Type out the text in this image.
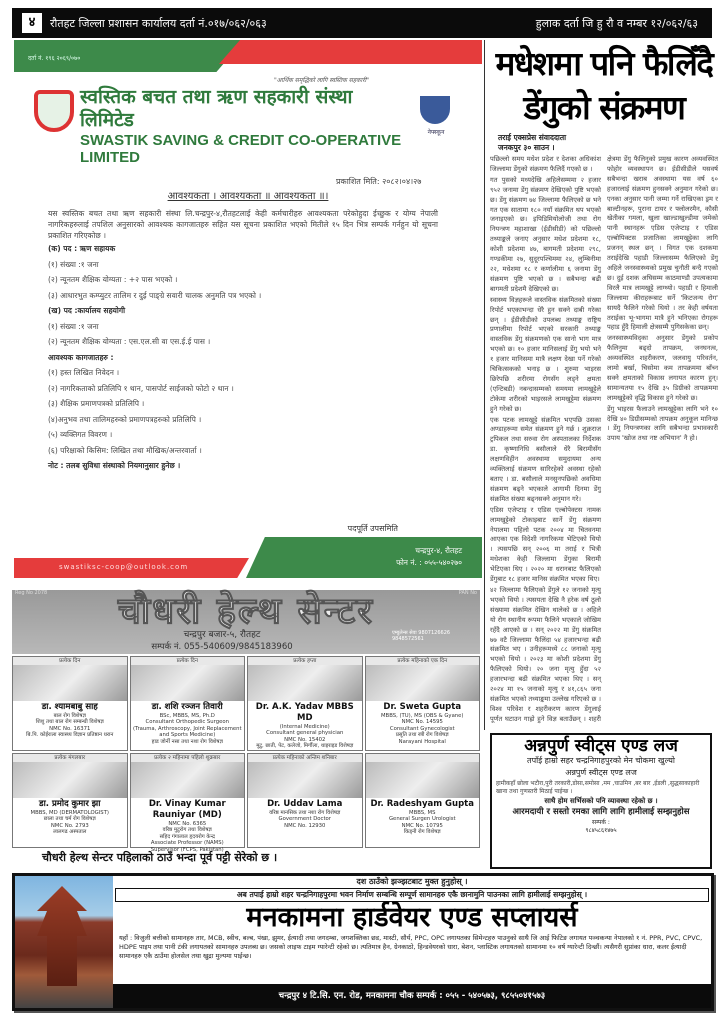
४	रौतहट जिल्ला प्रशासन कार्यालय दर्ता नं.०१७/०६२/०६३	हुलाक दर्ता जि हु रौ व नम्बर १२/०६२/६३
दर्ता नं. १९६ २०६९/०७०
"आर्थिक समृद्धिको लागि स्वस्तिक सहकारी"
स्वस्तिक बचत तथा ऋण सहकारी संस्था लिमिटेड
SWASTIK SAVING & CREDIT CO-OPERATIVE LIMITED
नेफ्स्कून
प्रकाशित मिति: २०८२।०४।२७
आवश्यकता । आवश्यकता ॥ आवश्यकता ॥।
यस स्वस्तिक बचत तथा ऋण सहकारी संस्था लि.चन्द्रपुर-४,रौतहटलाई केही कर्मचारीहरु आवश्यकता परेकोहुदा ईच्छुक र योग्य नेपाली नागरिकहरुलाई तपशिल अनुसारको आवश्यक कागजातहरु सहित यस सूचना प्रकाशित भएको मितीले १५ दिन भित्र सम्पर्क गर्नहुन यो सूचना प्रकाशित गरिएकोछ ।
(क) पद : ऋण सहायक
(१) संख्या :१ जना
(२) न्यूनतम शैक्षिक योग्यता : +२ पास भएको ।
(३) आधारभुत कम्प्युटर तालिम र दुई पाङ्ग्रे सवारी चालक अनुमति पत्र भएको ।
(ख) पद :कार्यालय सहयोगी
(१) संख्या :१ जना
(२) न्यूनतम शैक्षिक योग्यता : एस.एल.सी वा एस.ई.ई पास ।
आवश्यक कागजातहरु :
(१) हस्त लिखित निवेदन ।
(२) नागरिकताको प्रतिलिपि १ थान, पासपोर्ट साईजको फोटो २ थान ।
(३) शैक्षिक प्रमाणपत्रको प्रतिलिपि ।
(४)अनुभव तथा तालिमहरुको प्रमाणपत्रहरुको प्रतिलिपि ।
(५) व्यक्तिगत विवरण ।
(६) परिक्षाको किसिम: लिखित तथा मौखिक/अन्तरवार्ता ।
नोट : तलब सुविधा संस्थाको नियमानुसार हुनेछ ।
पदपूर्ति उपसमिति
swastiksc-coop@outlook.com
चन्द्रपुर-४, रौतहट
फोन नं. : ०५५-५४०२७०
Reg No 2078	PAN No
चौधरी हेल्थ सेन्टर
चन्द्रपुर बजार-५, रौतहट
सम्पर्क नं. 055-540609/9845183960
एम्बुलेन्स सेवा 9807126626 9848572561
प्रत्येक दिन
डा. श्यामबाबु साह
बाल रोग विशेषज्ञ
शिशु तथा बाल रोग सम्बन्धी विशेषज्ञ
NMC No. 16371
बि.पि. कोईराला स्वास्थ्य विज्ञान प्रतिष्ठान धरान
प्रत्येक दिन
डा. शशि रञ्जन तिवारी
BSc, MBBS, MS, Ph.D
Consultant Orthopedic Surgeon
(Trauma, Arthroscopy, Joint Replacement and Sports Medicine)
हाड जोर्नी नसा तथा नशा रोग विशेषज्ञ
प्रत्येक हप्ता
Dr. A.K. Yadav MBBS MD
(Internal Medicine)
Consultant general physician
NMC No. 15402
मुटु, छाती, पेट, कलेजो, मिर्गौला, थाइराइड विशेषज्ञ
प्रत्येक महिनाको एक दिन
Dr. Sweta Gupta
MBBS, (TU), MS (OBS & Gyane)
NMC No. 14595
Consultant Gynecologist
प्रसूति तथा स्त्री रोग विशेषज्ञ
Narayani Hospital
प्रत्येक मंगलबार
डा. प्रमोद कुमार झा
MBBS, MD (DERMATOLOGIST)
छाला तथा चर्म रोग विशेषज्ञ
NMC No. 2793
लालगढ अस्पताल
प्रत्येक २ महिनामा पहिलो शुक्रबार
Dr. Vinay Kumar Rauniyar (MD)
NMC No. 6365
वरिष्ठ मुटुरोग तथा विशेषज्ञ
सहिद गंगालाल हृदयरोग केन्द्र
Associate Professor (NAMS)
Supervisor (FCPS, Pakistan)
प्रत्येक महिनाको अन्तिम शनिबार
Dr. Uddav Lama
वरिष्ठ मानसिक तथा नशा रोग विशेषज्ञ
Government Doctor
NMC No. 12930
Dr. Radeshyam Gupta
MBBS, MS
General Surgen Urologist
NMC No. 10795
किड्नी रोग विशेषज्ञ
चौधरी हेल्थ सेन्टर पहिलाको ठाउँ भन्दा पूर्व पट्टी सेरेको छ ।
मधेशमा पनि फैलिँदै
डेंगुको संक्रमण
तराई एक्सप्रेस संवाददाता
जनकपुर ३० साउन ।

पछिल्लो समय मधेश प्रदेश र देशका अधिकांश जिल्लामा डेंगुको संक्रमण फैलिदैं गएको छ ।

गत पुसको मध्यदेखि अहिलेसम्ममा २ हजार ९५२ जनामा डेंगु संक्रमण देखिएको पुष्टि भएको छ। डेंगु संक्रमण ७४ जिल्लामा फैलिएको छ भने गत एक सातामा १८० नयाँ संक्रमित थप भएको जनाइएको छ। इपिडिमियोलोजी तथा रोग नियन्त्रण महाशाखा (ईडीसीडी) को पछिल्लो तथ्याङ्कले जनाए अनुसार मधेश प्रदेशमा १८, कोशी प्रदेशमा ४७, बागमती प्रदेशमा २९८, गण्डकीमा २७, सुदूरपश्चिममा २४, लुम्बिनीमा २२, मधेशमा १८ र कर्णालीमा ६ जनामा डेंगु संक्रमण पुष्टि भएको छ । सबैभन्दा बढी बागमती प्रदेशमै देखिएको छ।

स्वास्थ्य विज्ञहरूले वास्तविक संक्रमितको संख्या रिपोर्ट भएकाभन्दा धेरै हुन सक्ने दाबी गरेका छन् । ईडीसीडीको उपलब्ध तथ्याङ्क राष्ट्रिय प्रणालीमा रिपोर्ट भएको सरकारी तथ्याङ्क वास्तविक डेंगु संक्रमणको एक सानो भाग मात्र भएको छ। १० हजार मानिसलाई डेंगु भयो भने १ हजार मानिसमा मात्रै लक्षण देखा पर्ने गरेको चिकित्सकको भनाइ छ । शुरुमा भाइरस छिरेपछि शरीरमा रोगसँग लड्ने क्षमता (एन्टिबडी) नबन्दासम्मको समयमा लामखुट्टेले टोकेमा शरीरको भाइरसले लामखुट्टेमा संक्रमण हुने गरेको छ।

एक पटक लामखुट्टे संक्रमित भएपछि उसका अण्डाहरूमा समेत संक्रमण हुने गर्छ । शुक्रराज ट्रपिकल तथा सरुवा रोग अस्पतालका निर्देशक डा. कृष्णानिधि बसौलाले धेरै बिरामीसँग लक्षणविहीन अवस्थामा समुदायमा अन्य व्यक्तिलाई संक्रमण सारिरहेको अवस्था रहेको बताए । डा. बसौलाले मनसुनपछिको अवधिमा संक्रमण बढ्ने भएकाले आगामी दिनमा डेंगु संक्रमित संख्या बढ्नसक्ने अनुमान गरे।

एडिस एजेप्टाइ र एडिस एल्बोपेक्टस नामक लामखुट्टेको टोकाइबाट सार्ने डेंगु संक्रमण नेपालमा पहिलो पटक २००४ मा चितवनमा आएका एक विदेशी नागरिकमा भेटिएको थियो । त्यसपछि सन् २००६ मा तराई र भित्री मधेशका केही जिल्लामा डेंगुका बिरामी भेटिएका थिए । २०२० मा धरानबाट फैलिएको डेंगुबाट १८ हजार मानिस संक्रमित भएका थिए।

४२ जिल्लामा फैलिएको डेंगुले १२ जनाको मृत्यु भएको थियो । त्यसयता देखि नै हरेक वर्ष ठूलो संख्यामा संक्रमित देखिन थालेको छ । अहिले यो रोग स्थानीय रूपमा फैलिने भएकाले जोखिम रहँदै आएको छ । सन् २०२२ मा डेंगु संक्रमित ७७ वटै जिल्लामा फैलिंदा ५४ हजारभन्दा बढी संक्रमित भए । उनीहरूमध्ये ८८ जनाको मृत्यु भएको थियो । २०२३ मा कोशी प्रदेशमा डेंगु फैलिएको थियो। २० जना मृत्यु हुँदा ५२ हजारभन्दा बढी संक्रमित भएका थिए । सन् २०२४ मा १५ जनाको मृत्यु र ४१,८६५ जना संक्रमित भएको तथ्याङ्कमा उल्लेख गरिएको छ । विश्व परिवेश र शहरीकरण कारण डेंगुलाई पूर्णत घटाउन गाह्रो हुने विज्ञ बताउँछन् । शहरी क्षेत्रमा डेंगु फैलिनुको प्रमुख कारण अव्यवस्थित फोहोर व्यवस्थापन छ। ईडीसीडीले यसवर्ष सबैभन्दा खराब अवस्थामा यस वर्ष ६० हजारलाई संक्रमण हुनसक्ने अनुमान गरेको छ। एनका अनुसार पानी जम्मा गर्ने राखिएका ड्रम र बाल्टीनहरू, पुराना टायर र फ्लोलरमैन, कौसी खेतीका गमला, खुला खाल्डाखुल्डीमा जमेको पानी स्थानहरू एडिस एजेप्टाइ र एडिस एल्बोपिक्टस प्रजातिका लामखुट्टेका लागि प्रजनन् स्थल छन् । विगत एक दशकमा तराईदेखि पहाडी जिल्लासम्म फैलिएको डेंगु अहिले जनस्वास्थ्यको प्रमुख चुनौती बन्दै गएको छ। दुई दशक अघिसम्म काठमाण्डौ उपत्यकामा विरलै मात्र लामखुट्टे लाग्थ्यो। पहाडी र हिमाली जिल्लामा कीराहरूबाट सर्ने 'किटजन्य रोग' सायदै फैलिने गरेको थियो । तर केही वर्षयता तराईका भू-भागमा मात्रै हुने भनिएका रोगहरू पहाड हुँदै हिमाली क्षेत्रसम्मै पुगिसकेका छन्।

जनस्वास्थ्यविद्का अनुसार डेंगुको प्रकोप फैलिनुमा बढ्दो तापक्रम, जनघनत्व, अव्यवस्थित शहरीकरण, जलवायु परिवर्तन, लामो बर्खा, चिसोमा कम तापक्रममा बाँच्न सक्ने क्षमताको विकास लगायत कारण हुन्। सामान्यतया १५ देखि ३५ डिग्रीको तापक्रममा लामखुट्टेको वृद्धि विकास हुने गरेको छ।

डेंगु भाइरस फैलाउने लामखुट्टेका लागि भने १० देखि ४० डिग्रीसम्मको तापक्रम अनुकूल मानिन्छ । डेंगु नियन्त्रणका लागि सबैभन्दा प्रभावकारी उपाय 'खोज तथा नष्ट अभियान' नै हो।

अन्नपुर्ण स्वीट्स एण्ड लज
तपाँई हाम्रो सहर चन्द्रनिगाहपुरको मेन चोकमा खुल्यो
अन्नपुर्ण स्वीट्स एण्ड लज
हामीकहाँ छोला भटौरा,पुरी तरकारी,डोसा,समोसा ,मम ,चाउमिन ,बर बार ,ईडली ,सुद्धसाकाहारी खाना तथा गुणस्तरी मिठाई पाईन्छ ।
साथै होम सर्भिसको पनि व्यावस्था रहेको छ ।
आरमदायी र सस्तो रमका लागि लागि हामीलाई सम्झनुहोस
सम्पर्क :
९८४५८६१४७५
दश ठाउँको झञ्झटबाट मुक्त हुनुहोस् ।
अब तपाई हाम्रो शहर चन्द्रनिगाहपुरमा भवन निर्माण सम्बन्धि सम्पूर्ण सामानहरु एकै छानामुनि पाउनका लागि हामीलाई सम्झनुहोस् ।
मनकामना हार्डवेयर एण्ड सप्लायर्स
यहाँ : विजुली बत्तीको सामानहरु तार, MCB, स्वीच, बल्ब, पंखा, झुमर, ईत्यादी तथा जगदम्बा, जगशक्तिका छड, मास्टी, सौर्य, PPC, OPC लगायतका सिमेन्टहरु पाउनुको साथै जि आई फिटिङ लगायत पञ्चकन्या नेपालको १ नं. PPR, PVC, CPVC, HDPE पाइप तथा पानी टंकी लगायतको सामानहरु उपलब्ध छ। जसको लाइफ टाइम ग्यारेन्टी रहेको छ। त्यतिमात्र हैन, ग्रेनकाठो, हिन्डवेयरको धारा, बेशन, प्लास्टिक लगायतको सामानमा १० वर्ष ग्यारेन्टी दिन्छौं। त्यसैगरी सुप्रांका धारा, कलर ईत्यादी सामानहरु एकै ठाउँमा होलसेल तथा खुद्रा मुल्यमा पाईन्छ।
चन्द्रपुर ४ टि.सि. एन. रोड, मनकामना चौक सम्पर्क : ०५५ - ५४०५७३, ९८५५०४१५७३
